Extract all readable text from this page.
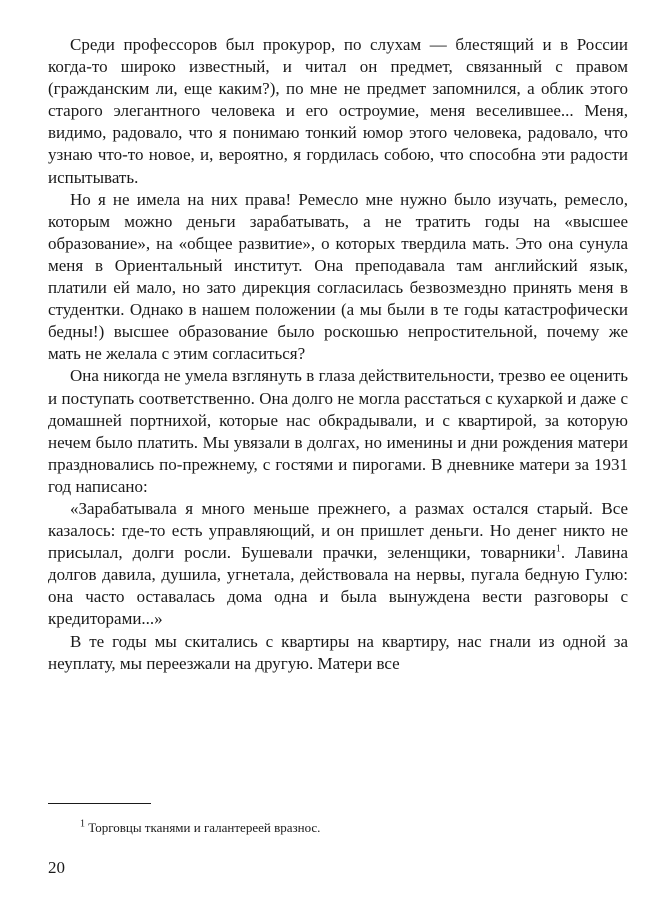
Среди профессоров был прокурор, по слухам — блестящий и в России когда-то широко известный, и читал он предмет, связанный с правом (гражданским ли, еще каким?), по мне не предмет запомнился, а облик этого старого элегантного человека и его остроумие, меня веселившее... Меня, видимо, радовало, что я понимаю тонкий юмор этого человека, радовало, что узнаю что-то новое, и, вероятно, я гордилась собою, что способна эти радости испытывать.

Но я не имела на них права! Ремесло мне нужно было изучать, ремесло, которым можно деньги зарабатывать, а не тратить годы на «высшее образование», на «общее развитие», о которых твердила мать. Это она сунула меня в Ориентальный институт. Она преподавала там английский язык, платили ей мало, но зато дирекция согласилась безвозмездно принять меня в студентки. Однако в нашем положении (а мы были в те годы катастрофически бедны!) высшее образование было роскошью непростительной, почему же мать не желала с этим согласиться?

Она никогда не умела взглянуть в глаза действительности, трезво ее оценить и поступать соответственно. Она долго не могла расстаться с кухаркой и даже с домашней портнихой, которые нас обкрадывали, и с квартирой, за которую нечем было платить. Мы увязали в долгах, но именины и дни рождения матери праздновались по-прежнему, с гостями и пирогами. В дневнике матери за 1931 год написано:

«Зарабатывала я много меньше прежнего, а размах остался старый. Все казалось: где-то есть управляющий, и он пришлет деньги. Но денег никто не присылал, долги росли. Бушевали прачки, зеленщики, товарники$^1$. Лавина долгов давила, душила, угнетала, действовала на нервы, пугала бедную Гулю: она часто оставалась дома одна и была вынуждена вести разговоры с кредиторами...»

В те годы мы скитались с квартиры на квартиру, нас гнали из одной за неуплату, мы переезжали на другую. Матери все

$^1$ Торговцы тканями и галантереей вразнос.
20
